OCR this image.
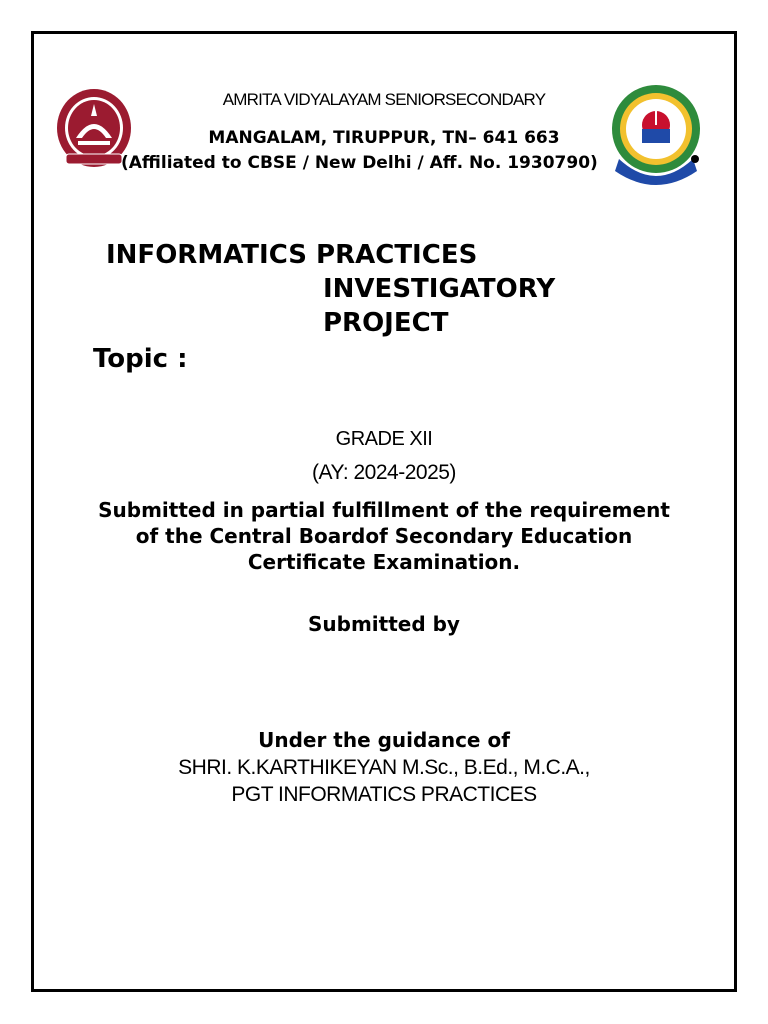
AMRITA VIDYALAYAM SENIORSECONDARY
MANGALAM, TIRUPPUR, TN– 641 663
(Affiliated to CBSE / New Delhi / Aff. No. 1930790)
INFORMATICS PRACTICES
INVESTIGATORY
PROJECT
Topic :
GRADE XII
(AY: 2024-2025)
Submitted in partial fulfillment of the requirement
of the Central Boardof Secondary Education
Certificate Examination.
Submitted by
Under the guidance of
SHRI. K.KARTHIKEYAN M.Sc., B.Ed., M.C.A.,
PGT INFORMATICS PRACTICES
